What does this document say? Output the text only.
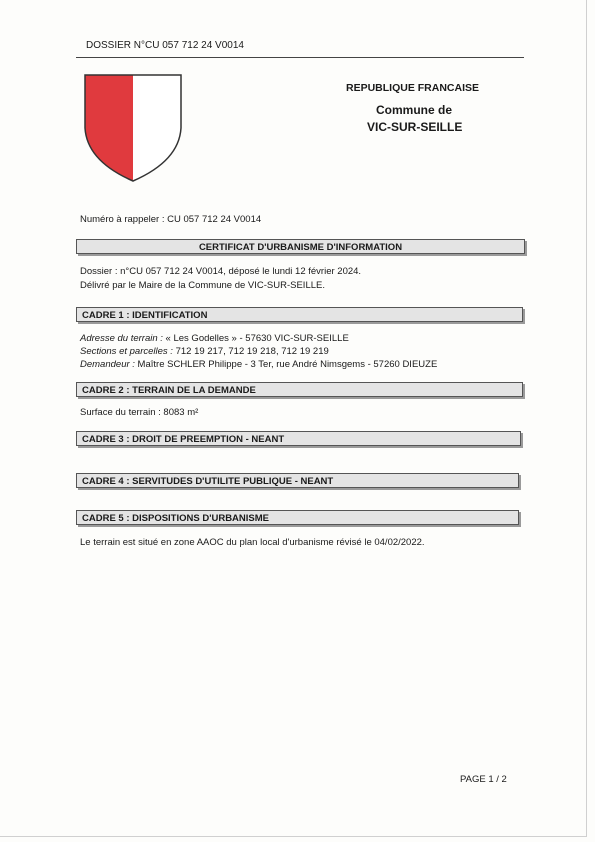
DOSSIER N°CU 057 712 24 V0014
REPUBLIQUE FRANCAISE
Commune de
VIC-SUR-SEILLE
Numéro à rappeler : CU 057 712 24 V0014
CERTIFICAT D'URBANISME D'INFORMATION
Dossier : n°CU 057 712 24 V0014, déposé le lundi 12 février 2024.
Délivré par le Maire de la Commune de VIC-SUR-SEILLE.
CADRE 1 : IDENTIFICATION
Adresse du terrain : « Les Godelles » - 57630 VIC-SUR-SEILLE
Sections et parcelles : 712 19 217, 712 19 218, 712 19 219
Demandeur : Maître SCHLER Philippe - 3 Ter, rue André Nimsgems - 57260 DIEUZE
CADRE 2 : TERRAIN DE LA DEMANDE
Surface du terrain : 8083 m²
CADRE 3 : DROIT DE PREEMPTION - NEANT
CADRE 4 : SERVITUDES D'UTILITE PUBLIQUE - NEANT
CADRE 5 : DISPOSITIONS D'URBANISME
Le terrain est situé en zone AAOC du plan local d'urbanisme révisé le 04/02/2022.
PAGE 1 / 2
